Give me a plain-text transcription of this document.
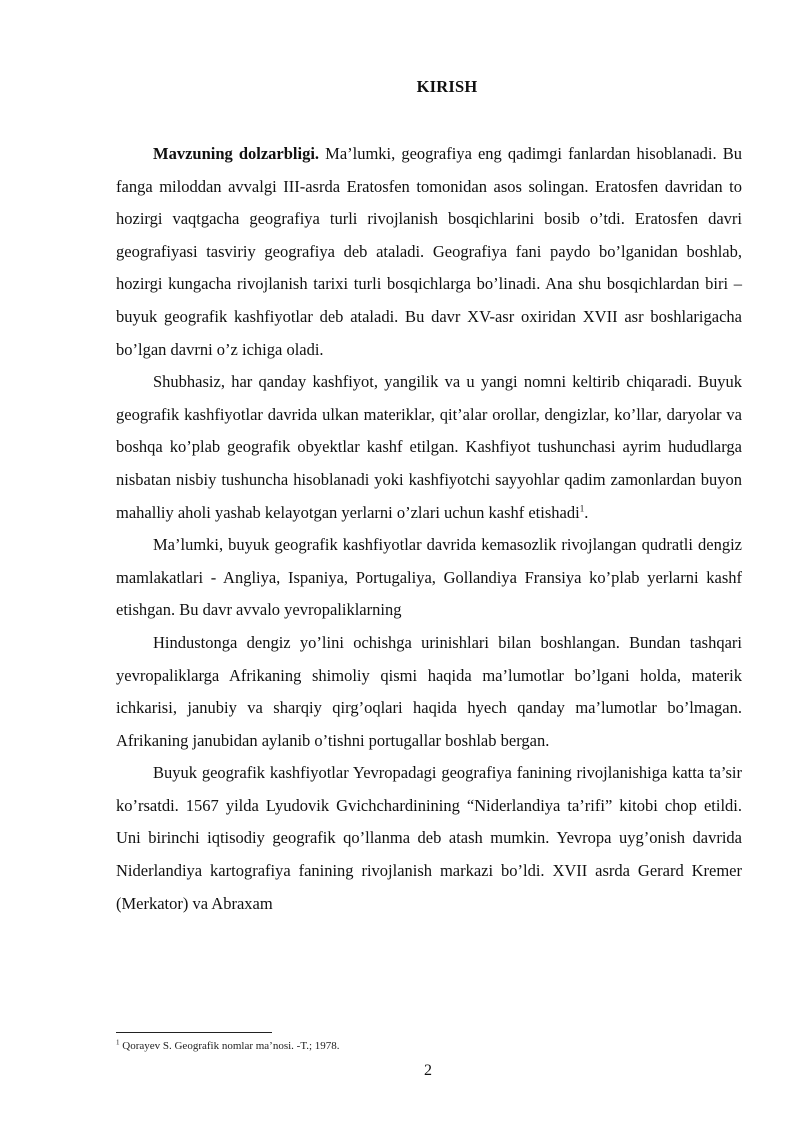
KIRISH

Mavzuning dolzarbligi. Ma’lumki, geografiya eng qadimgi fanlardan hisoblanadi. Bu fanga miloddan avvalgi III-asrda Eratosfen tomonidan asos solingan. Eratosfen davridan to hozirgi vaqtgacha geografiya turli rivojlanish bosqichlarini bosib o’tdi. Eratosfen davri geografiyasi tasviriy geografiya deb ataladi. Geografiya fani paydo bo’lganidan boshlab, hozirgi kungacha rivojlanish tarixi turli bosqichlarga bo’linadi. Ana shu bosqichlardan biri – buyuk geografik kashfiyotlar deb ataladi. Bu davr XV-asr oxiridan XVII asr boshlarigacha bo’lgan davrni o’z ichiga oladi.

Shubhasiz, har qanday kashfiyot, yangilik va u yangi nomni keltirib chiqaradi. Buyuk geografik kashfiyotlar davrida ulkan materiklar, qit’alar orollar, dengizlar, ko’llar, daryolar va boshqa ko’plab geografik obyektlar kashf etilgan. Kashfiyot tushunchasi ayrim hududlarga nisbatan nisbiy tushuncha hisoblanadi yoki kashfiyotchi sayyohlar qadim zamonlardan buyon mahalliy aholi yashab kelayotgan yerlarni o’zlari uchun kashf etishadi$^1$.

Ma’lumki, buyuk geografik kashfiyotlar davrida kemasozlik rivojlangan qudratli dengiz mamlakatlari - Angliya, Ispaniya, Portugaliya, Gollandiya Fransiya ko’plab yerlarni kashf etishgan. Bu davr avvalo yevropaliklarning

Hindustonga dengiz yo’lini ochishga urinishlari bilan boshlangan. Bundan tashqari yevropaliklarga Afrikaning shimoliy qismi haqida ma’lumotlar bo’lgani holda, materik ichkarisi, janubiy va sharqiy qirg’oqlari haqida hyech qanday ma’lumotlar bo’lmagan. Afrikaning janubidan aylanib o’tishni portugallar boshlab bergan.

Buyuk geografik kashfiyotlar Yevropadagi geografiya fanining rivojlanishiga katta ta’sir ko’rsatdi. 1567 yilda Lyudovik Gvichchardinining “Niderlandiya ta’rifi” kitobi chop etildi. Uni birinchi iqtisodiy geografik qo’llanma deb atash mumkin. Yevropa uyg’onish davrida Niderlandiya kartografiya fanining rivojlanish markazi bo’ldi. XVII asrda Gerard Kremer (Merkator) va Abraxam

$^1$ Qorayev S. Geografik nomlar ma’nosi. -T.; 1978.
2
